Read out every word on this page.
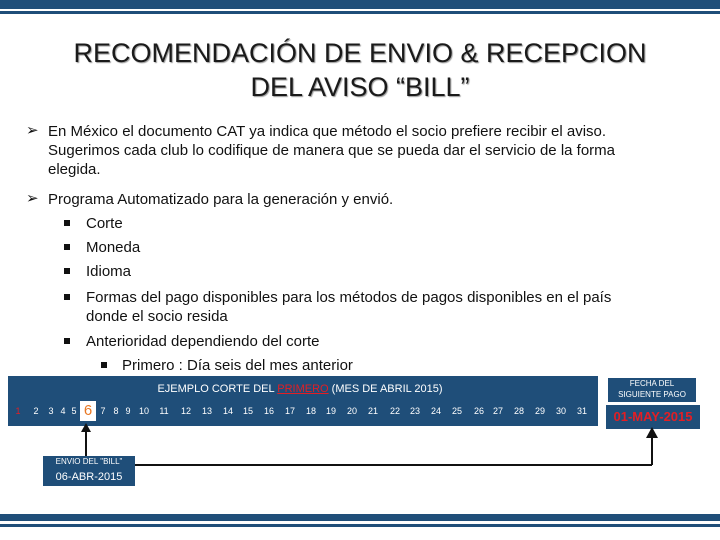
RECOMENDACIÓN DE ENVIO & RECEPCION
DEL AVISO “BILL”
➢ En México el documento CAT ya indica que método el socio prefiere recibir el aviso.
Sugerimos cada club lo codifique de manera que se pueda dar el servicio de la forma
elegida.
➢ Programa Automatizado para la generación y envió.
Corte
Moneda
Idioma
Formas del pago disponibles para los métodos de pagos disponibles en el país
donde el socio resida
Anterioridad dependiendo del corte
Primero : Día seis del mes anterior
EJEMPLO CORTE DEL PRIMERO (MES DE ABRIL 2015)
1	2	3 4 5 6 7 8 9 10	11	12	13	14	15	16	17	18	19	20	21	22	23	24	25	26 27	28	29	30	31
FECHA DEL SIGUIENTE PAGO
01-MAY-2015
ENVIO DEL "BILL"
06-ABR-2015
